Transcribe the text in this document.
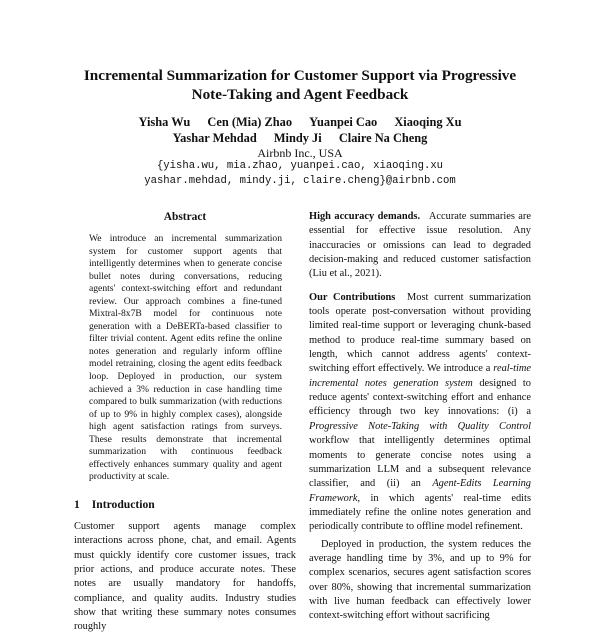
Incremental Summarization for Customer Support via Progressive
Note-Taking and Agent Feedback
Yisha Wu Cen (Mia) Zhao Yuanpei Cao Xiaoqing Xu
Yashar Mehdad Mindy Ji Claire Na Cheng
Airbnb Inc., USA
{yisha.wu, mia.zhao, yuanpei.cao, xiaoqing.xu
yashar.mehdad, mindy.ji, claire.cheng}@airbnb.com
Abstract

We introduce an incremental summarization system for customer support agents that intelligently determines when to generate concise bullet notes during conversations, reducing agents' context-switching effort and redundant review. Our approach combines a fine-tuned Mixtral-8x7B model for continuous note generation with a DeBERTa-based classifier to filter trivial content. Agent edits refine the online notes generation and regularly inform offline model retraining, closing the agent edits feedback loop. Deployed in production, our system achieved a 3% reduction in case handling time compared to bulk summarization (with reductions of up to 9% in highly complex cases), alongside high agent satisfaction ratings from surveys. These results demonstrate that incremental summarization with continuous feedback effectively enhances summary quality and agent productivity at scale.

1 Introduction

Customer support agents manage complex interactions across phone, chat, and email. Agents must quickly identify core customer issues, track prior actions, and produce accurate notes. These notes are usually mandatory for handoffs, compliance, and quality audits. Industry studies show that writing these summary notes consumes roughly

High accuracy demands. Accurate summaries are essential for effective issue resolution. Any inaccuracies or omissions can lead to degraded decision-making and reduced customer satisfaction (Liu et al., 2021).

Our Contributions Most current summarization tools operate post-conversation without providing limited real-time support or leveraging chunk-based method to produce real-time summary based on length, which cannot address agents' context-switching effort effectively. We introduce a real-time incremental notes generation system designed to reduce agents' context-switching effort and enhance efficiency through two key innovations: (i) a Progressive Note-Taking with Quality Control workflow that intelligently determines optimal moments to generate concise notes using a summarization LLM and a subsequent relevance classifier, and (ii) an Agent-Edits Learning Framework, in which agents' real-time edits immediately refine the online notes generation and periodically contribute to offline model refinement.

Deployed in production, the system reduces the average handling time by 3%, and up to 9% for complex scenarios, secures agent satisfaction scores over 80%, showing that incremental summarization with live human feedback can effectively lower context-switching effort without sacrificing
